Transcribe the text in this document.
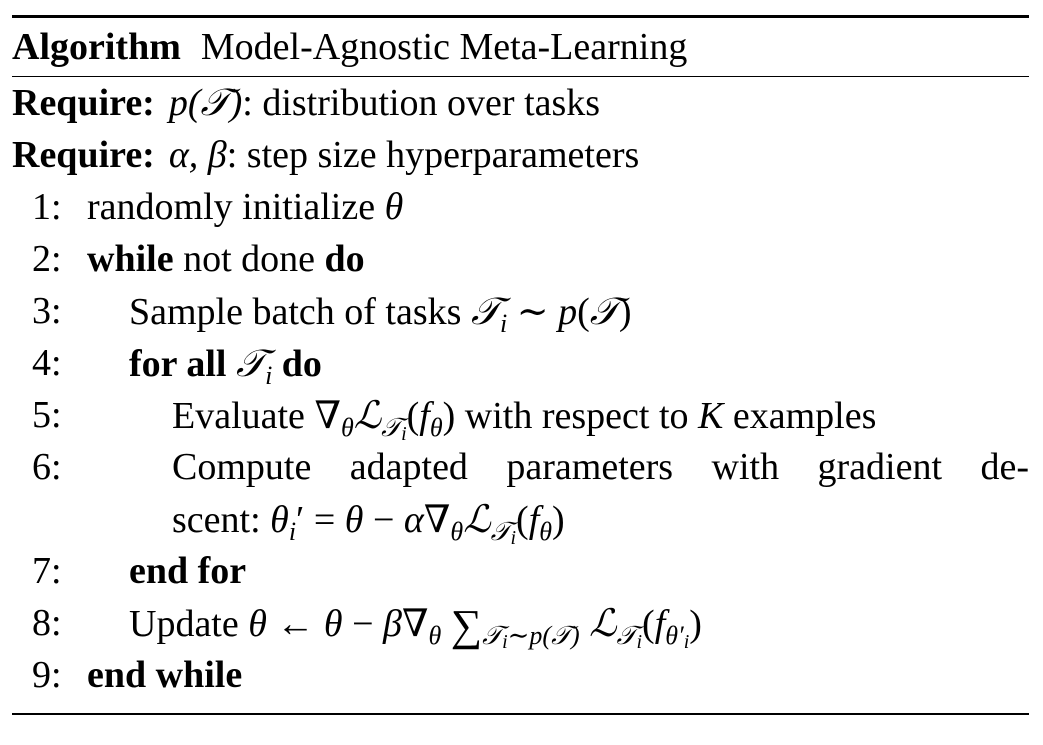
Algorithm Model-Agnostic Meta-Learning
Require: p(𝒯): distribution over tasks
Require: α, β: step size hyperparameters
1: randomly initialize θ
2: while not done do
3:	Sample batch of tasks 𝒯$_i$ ∼ p(𝒯)
4:	for all 𝒯$_i$ do
5:	Evaluate $\nabla_\theta ℒ_{𝒯i}(f_\theta)$ with respect to K examples
6:	Compute adapted parameters with gradient de-
scent: $\theta_i' = \theta$ − $\alpha\nabla_\theta ℒ_{𝒯i}(f_\theta)$
7:	end for
8:	Update θ ← $\theta - \beta\nabla_\theta$ $\sum_{𝒯i\sim p(𝒯)}$ $ℒ_{𝒯i}(f_{\theta'i})$
9: end while
